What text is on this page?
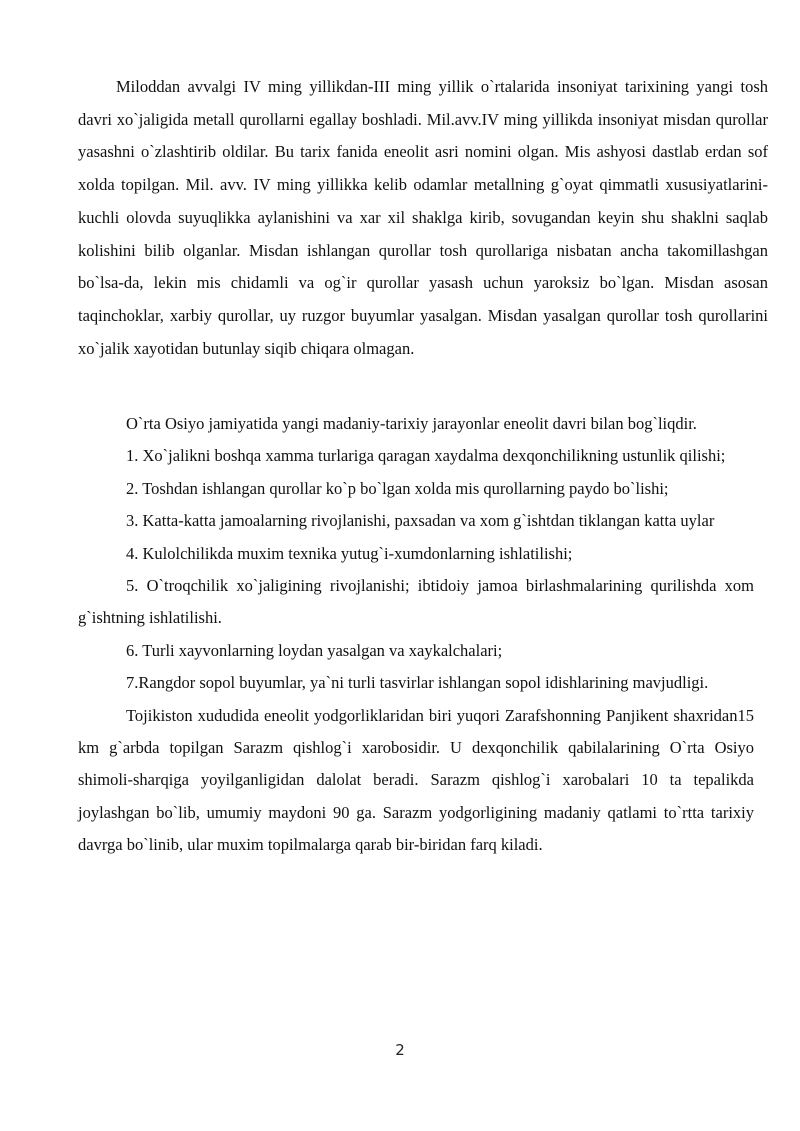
Miloddan avvalgi IV ming yillikdan-III ming yillik o`rtalarida insoniyat tarixining yangi tosh davri xo`jaligida metall qurollarni egallay boshladi. Mil.avv.IV ming yillikda insoniyat misdan qurollar yasashni o`zlashtirib oldilar. Bu tarix fanida eneolit asri nomini olgan. Mis ashyosi dastlab erdan sof xolda topilgan. Mil. avv. IV ming yillikka kelib odamlar metallning g`oyat qimmatli xususiyatlarini-kuchli olovda suyuqlikka aylanishini va xar xil shaklga kirib, sovugandan keyin shu shaklni saqlab kolishini bilib olganlar. Misdan ishlangan qurollar tosh qurollariga nisbatan ancha takomillashgan bo`lsa-da, lekin mis chidamli va og`ir qurollar yasash uchun yaroksiz bo`lgan. Misdan asosan taqinchoklar, xarbiy qurollar, uy ruzgor buyumlar yasalgan. Misdan yasalgan qurollar tosh qurollarini xo`jalik xayotidan butunlay siqib chiqara olmagan.

O`rta Osiyo jamiyatida yangi madaniy-tarixiy jarayonlar eneolit davri bilan bog`liqdir.

1. Xo`jalikni boshqa xamma turlariga qaragan xaydalma dexqonchilikning ustunlik qilishi;

2. Toshdan ishlangan qurollar ko`p bo`lgan xolda mis qurollarning paydo bo`lishi;

3. Katta-katta jamoalarning rivojlanishi, paxsadan va xom g`ishtdan tiklangan katta uylar

4. Kulolchilikda muxim texnika yutug`i-xumdonlarning ishlatilishi;

5. O`troqchilik xo`jaligining rivojlanishi; ibtidoiy jamoa birlashmalarining qurilishda xom g`ishtning ishlatilishi.

6. Turli xayvonlarning loydan yasalgan va xaykalchalari;

7.Rangdor sopol buyumlar, ya`ni turli tasvirlar ishlangan sopol idishlarining mavjudligi.

Tojikiston xududida eneolit yodgorliklaridan biri yuqori Zarafshonning Panjikent shaxridan15 km g`arbda topilgan Sarazm qishlog`i xarobosidir. U dexqonchilik qabilalarining O`rta Osiyo shimoli-sharqiga yoyilganligidan dalolat beradi. Sarazm qishlog`i xarobalari 10 ta tepalikda joylashgan bo`lib, umumiy maydoni 90 ga. Sarazm yodgorligining madaniy qatlami to`rtta tarixiy davrga bo`linib, ular muxim topilmalarga qarab bir-biridan farq kiladi.

2
